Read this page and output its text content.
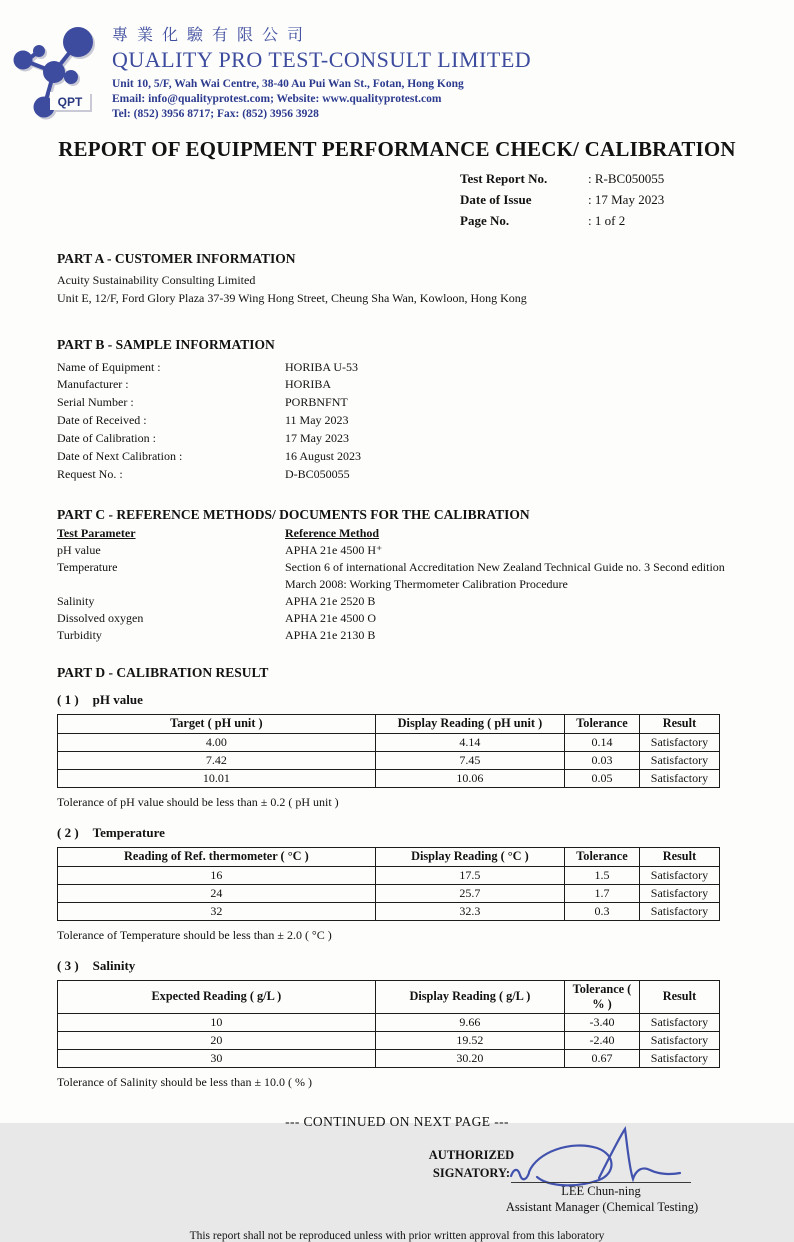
QPT
專業化驗有限公司
QUALITY PRO TEST-CONSULT LIMITED
Unit 10, 5/F, Wah Wai Centre, 38-40 Au Pui Wan St., Fotan, Hong Kong
Email: info@qualityprotest.com; Website: www.qualityprotest.com
Tel: (852) 3956 8717; Fax: (852) 3956 3928
REPORT OF EQUIPMENT PERFORMANCE CHECK/ CALIBRATION
Test Report No.	: R-BC050055
Date of Issue	: 17 May 2023
Page No.	: 1 of 2
PART A - CUSTOMER INFORMATION
Acuity Sustainability Consulting Limited
Unit E, 12/F, Ford Glory Plaza 37-39 Wing Hong Street, Cheung Sha Wan, Kowloon, Hong Kong
PART B - SAMPLE INFORMATION
Name of Equipment :	HORIBA U-53
Manufacturer :	HORIBA
Serial Number :	PORBNFNT
Date of Received :	11 May 2023
Date of Calibration :	17 May 2023
Date of Next Calibration :	16 August 2023
Request No. :	D-BC050055
PART C - REFERENCE METHODS/ DOCUMENTS FOR THE CALIBRATION
Test Parameter	Reference Method
pH value	APHA 21e 4500 H⁺
Temperature	Section 6 of international Accreditation New Zealand Technical Guide no. 3 Second edition March 2008: Working Thermometer Calibration Procedure
Salinity	APHA 21e 2520 B
Dissolved oxygen	APHA 21e 4500 O
Turbidity	APHA 21e 2130 B
PART D - CALIBRATION RESULT
( 1 ) pH value
Target ( pH unit )	Display Reading ( pH unit )	Tolerance	Result
4.00	4.14	0.14	Satisfactory
7.42	7.45	0.03	Satisfactory
10.01	10.06	0.05	Satisfactory
Tolerance of pH value should be less than ± 0.2 ( pH unit )
( 2 ) Temperature
Reading of Ref. thermometer ( °C )	Display Reading ( °C )	Tolerance	Result
16	17.5	1.5	Satisfactory
24	25.7	1.7	Satisfactory
32	32.3	0.3	Satisfactory
Tolerance of Temperature should be less than ± 2.0 ( °C )
( 3 ) Salinity
Expected Reading ( g/L )	Display Reading ( g/L )	Tolerance ( % )	Result
10	9.66	-3.40	Satisfactory
20	19.52	-2.40	Satisfactory
30	30.20	0.67	Satisfactory
Tolerance of Salinity should be less than ± 10.0 ( % )
--- CONTINUED ON NEXT PAGE ---
AUTHORIZED
SIGNATORY:
LEE Chun-ning
Assistant Manager (Chemical Testing)
This report shall not be reproduced unless with prior written approval from this laboratory
